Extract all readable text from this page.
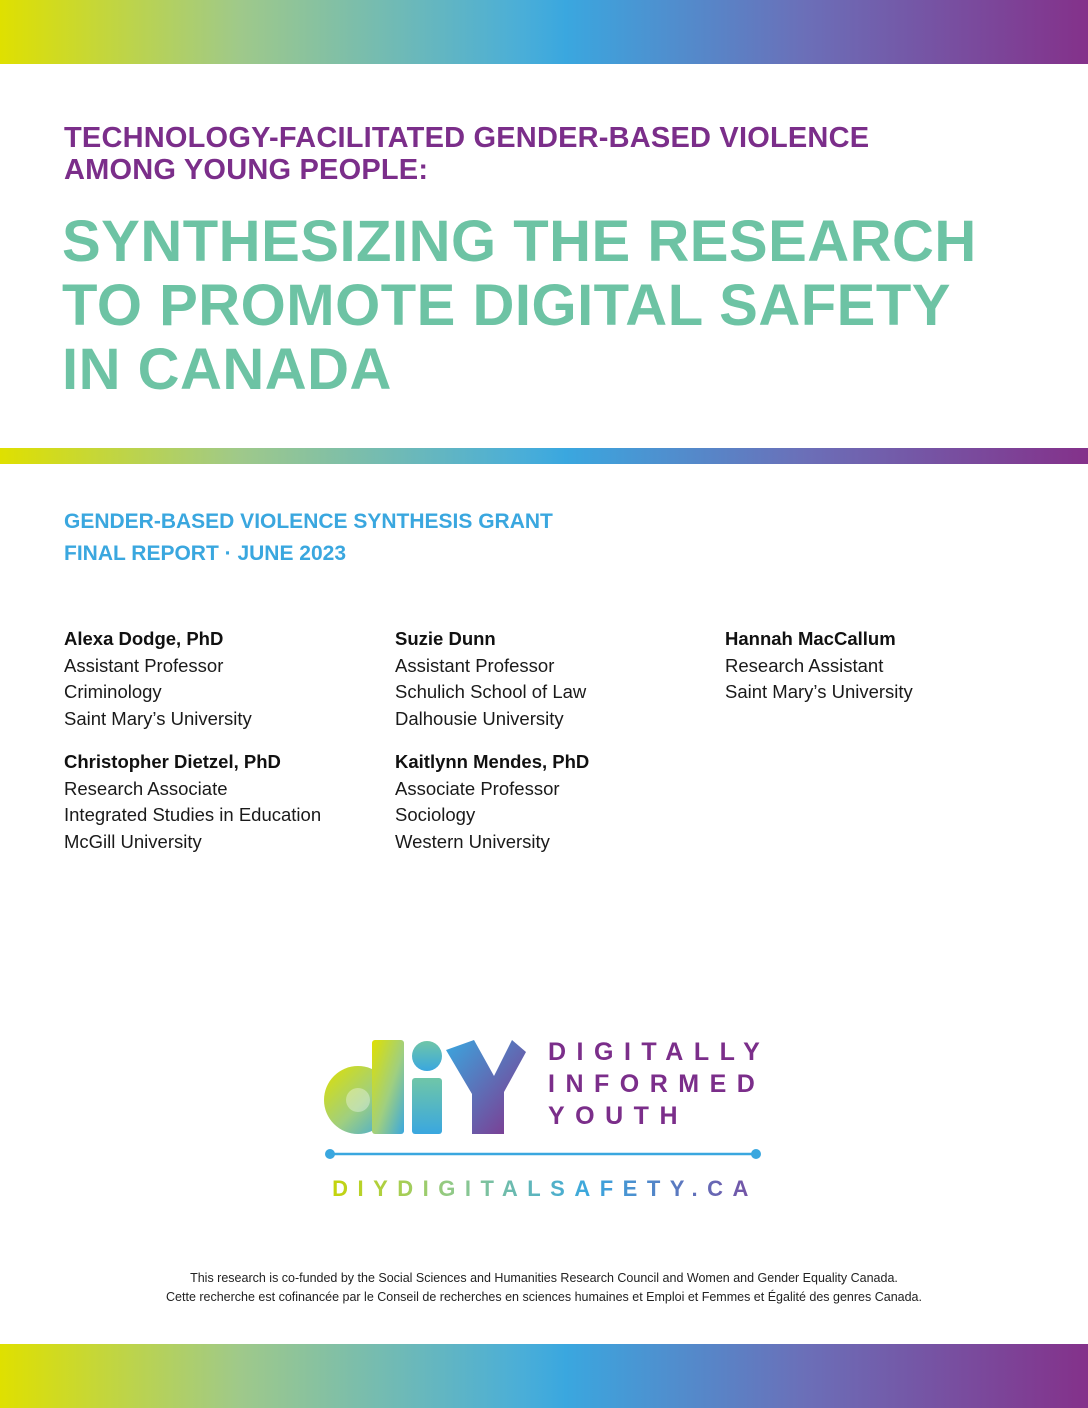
TECHNOLOGY-FACILITATED GENDER-BASED VIOLENCE
AMONG YOUNG PEOPLE:
SYNTHESIZING THE RESEARCH
TO PROMOTE DIGITAL SAFETY
IN CANADA
GENDER-BASED VIOLENCE SYNTHESIS GRANT
FINAL REPORT · JUNE 2023
Alexa Dodge, PhD
Assistant Professor
Criminology
Saint Mary’s University
Suzie Dunn
Assistant Professor
Schulich School of Law
Dalhousie University
Hannah MacCallum
Research Assistant
Saint Mary’s University
Christopher Dietzel, PhD
Research Associate
Integrated Studies in Education
McGill University
Kaitlynn Mendes, PhD
Associate Professor
Sociology
Western University
DIGITALLY
INFORMED
YOUTH
DIYDIGITALSAFETY.CA
This research is co-funded by the Social Sciences and Humanities Research Council and Women and Gender Equality Canada.
Cette recherche est cofinancée par le Conseil de recherches en sciences humaines et Emploi et Femmes et Égalité des genres Canada.
